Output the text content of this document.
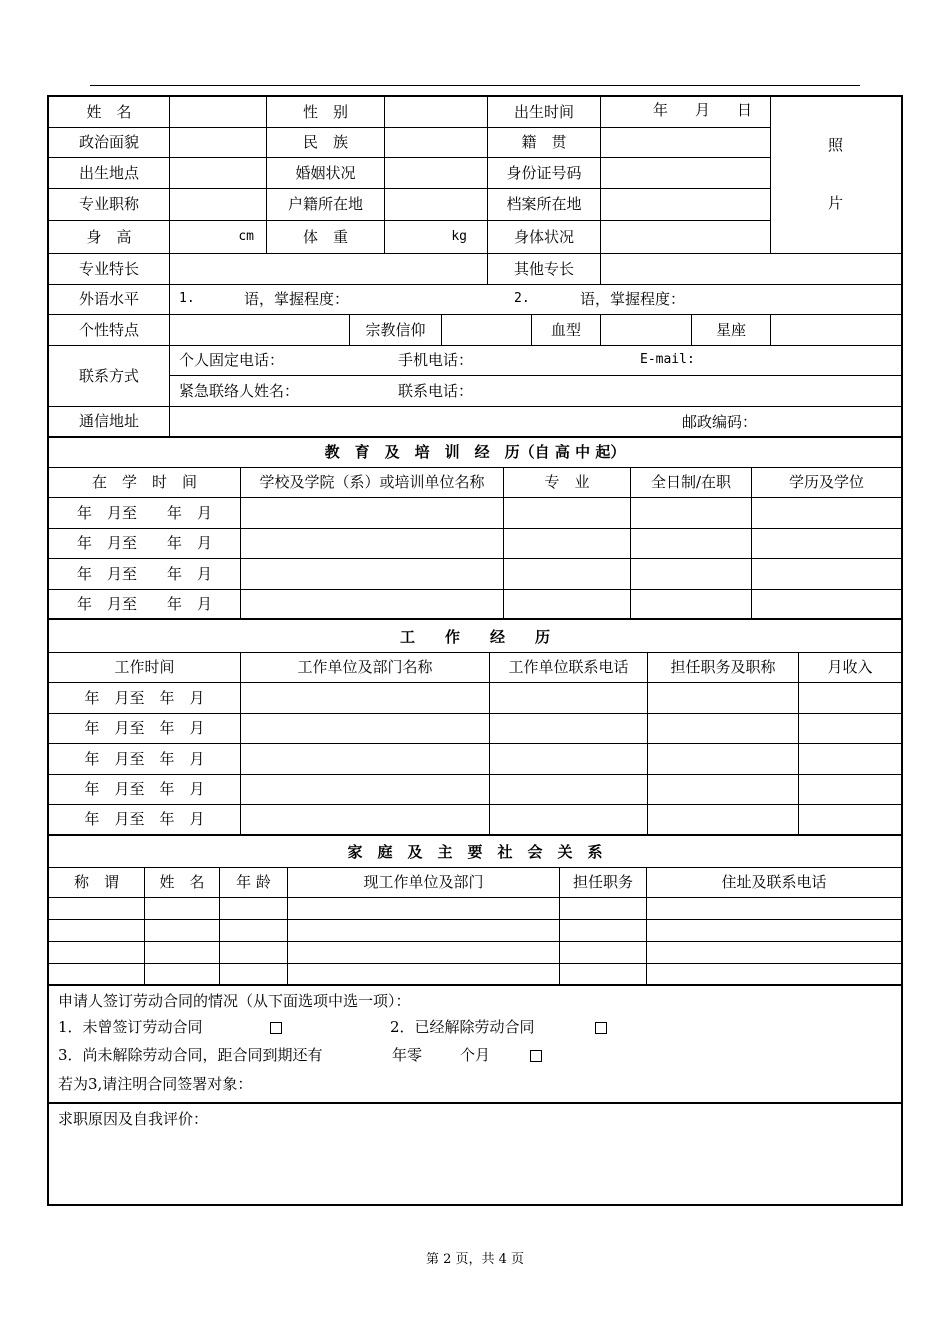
姓　名	性　别	出生时间	年 月 日
政治面貌	民　族	籍　贯
出生地点	婚姻状况	身份证号码
专业职称	户籍所在地	档案所在地
身　高	cm	体　重	kg	身体状况
照
片
专业特长	其他专长
外语水平	1.	语，掌握程度：	2.	语，掌握程度：
个性特点	宗教信仰	血型	星座
联系方式
个人固定电话：	手机电话：	E-mail:
紧急联络人姓名：	联系电话：
通信地址	邮政编码：
教　育　及　培　训　经　历（自 高 中 起）
在　学　时　间	学校及学院（系）或培训单位名称	专　业	全日制/在职	学历及学位
年　月至　　年　月
年　月至　　年　月
年　月至　　年　月
年　月至　　年　月
工　　作　　经　　历
工作时间	工作单位及部门名称	工作单位联系电话	担任职务及职称	月收入
年　月至　年　月
年　月至　年　月
年　月至　年　月
年　月至　年　月
年　月至　年　月
家　庭　及　主　要　社　会　关　系
称　谓	姓　名	年 龄	现工作单位及部门	担任职务	住址及联系电话
申请人签订劳动合同的情况（从下面选项中选一项）：
1．未曾签订劳动合同	2．已经解除劳动合同
3．尚未解除劳动合同，距合同到期还有	年零	个月
若为3,请注明合同签署对象：
求职原因及自我评价：
第 2 页，共 4 页
